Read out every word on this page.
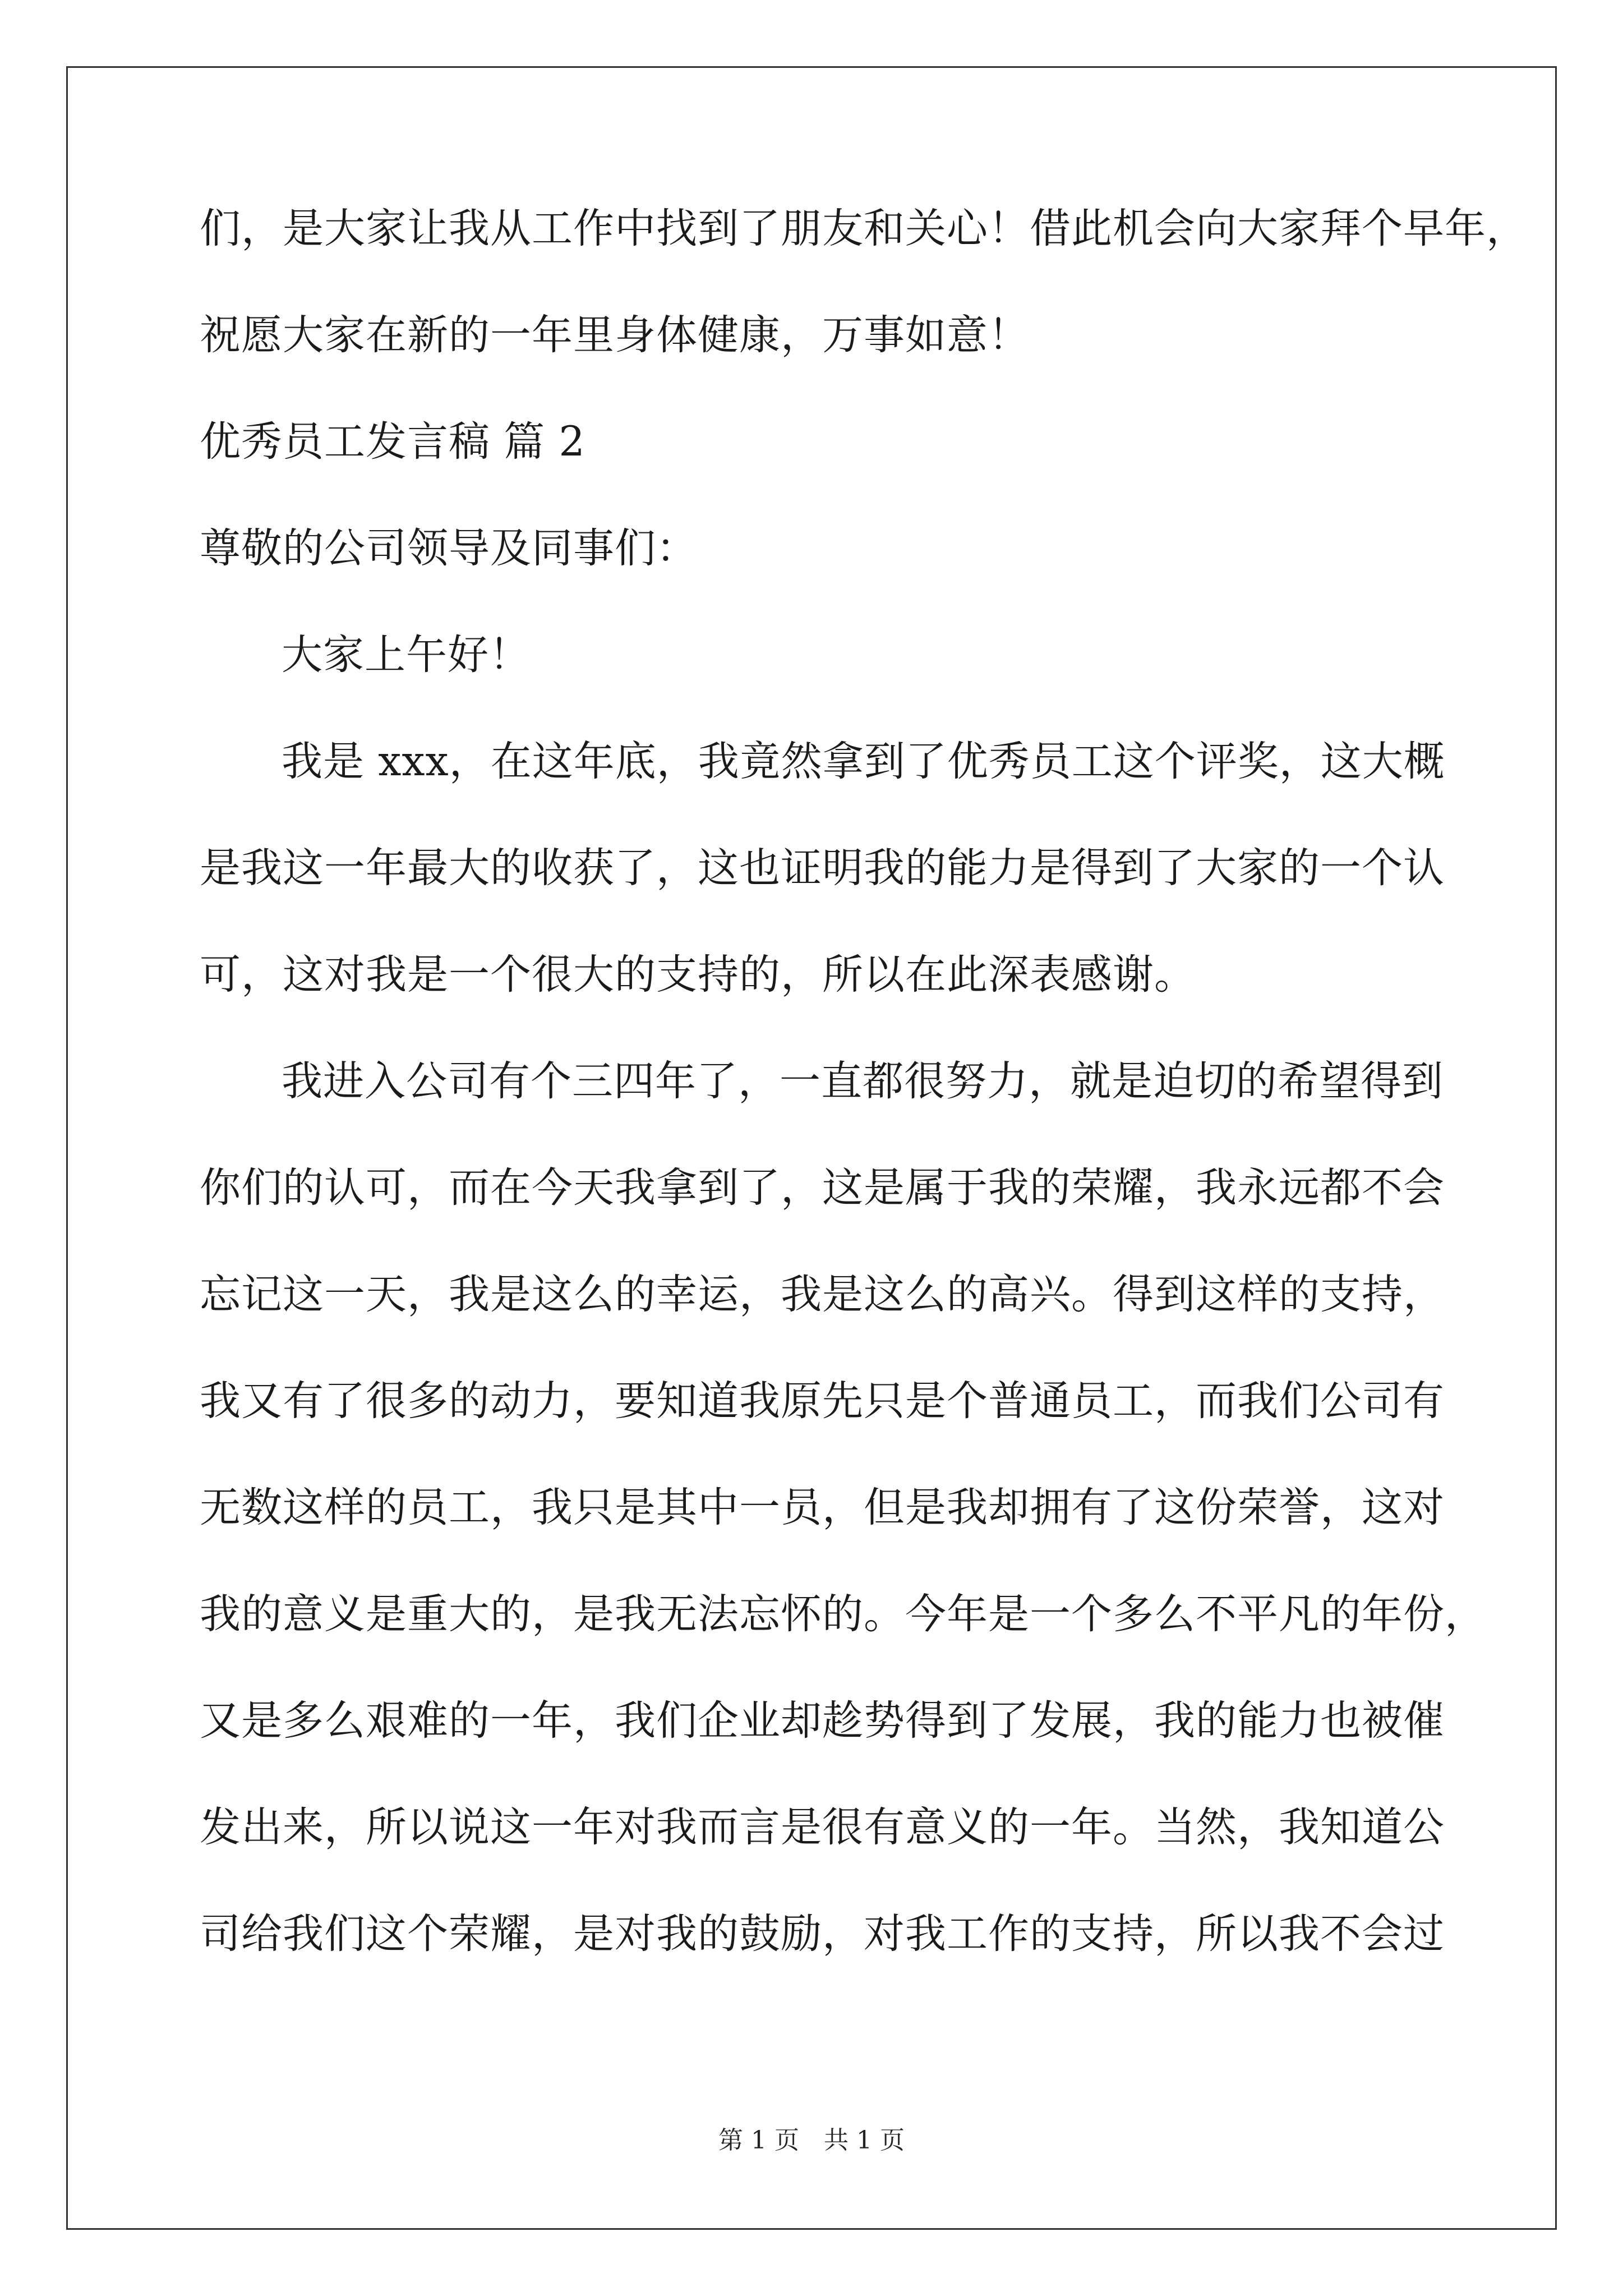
们，是大家让我从工作中找到了朋友和关心！借此机会向大家拜个早年，
祝愿大家在新的一年里身体健康，万事如意！
优秀员工发言稿 篇 2
尊敬的公司领导及同事们：
大家上午好！
我是 xxx，在这年底，我竟然拿到了优秀员工这个评奖，这大概
是我这一年最大的收获了，这也证明我的能力是得到了大家的一个认
可，这对我是一个很大的支持的，所以在此深表感谢。
我进入公司有个三四年了，一直都很努力，就是迫切的希望得到
你们的认可，而在今天我拿到了，这是属于我的荣耀，我永远都不会
忘记这一天，我是这么的幸运，我是这么的高兴。得到这样的支持，
我又有了很多的动力，要知道我原先只是个普通员工，而我们公司有
无数这样的员工，我只是其中一员，但是我却拥有了这份荣誉，这对
我的意义是重大的，是我无法忘怀的。今年是一个多么不平凡的年份，
又是多么艰难的一年，我们企业却趁势得到了发展，我的能力也被催
发出来，所以说这一年对我而言是很有意义的一年。当然，我知道公
司给我们这个荣耀，是对我的鼓励，对我工作的支持，所以我不会过
第 1 页　共 1 页
